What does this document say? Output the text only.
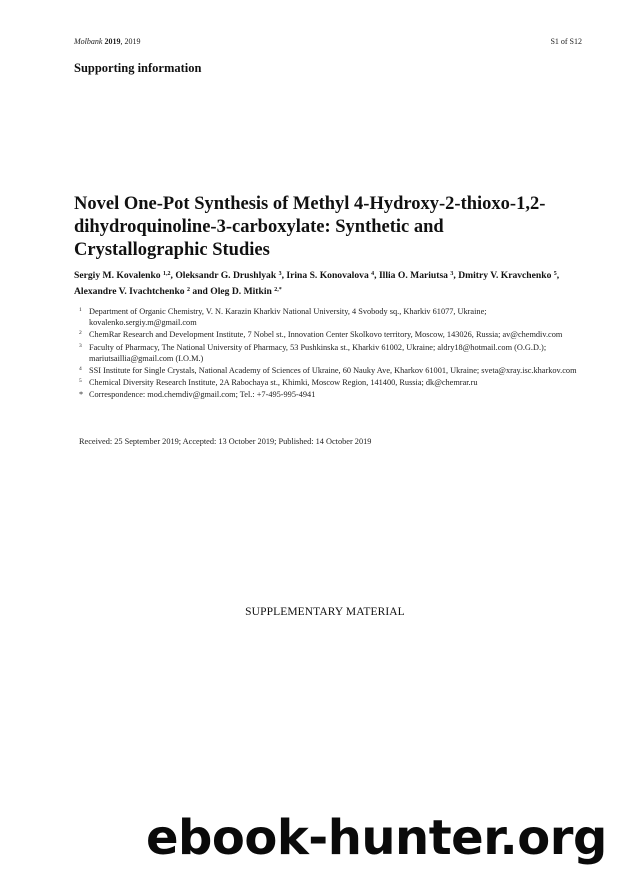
Molbank 2019, 2019	S1 of S12
Supporting information
Novel One-Pot Synthesis of Methyl 4-Hydroxy-2-thioxo-1,2-dihydroquinoline-3-carboxylate: Synthetic and Crystallographic Studies
Sergiy M. Kovalenko $^{1,2}$, Oleksandr G. Drushlyak $^3$, Irina S. Konovalova $^4$, Illia O. Mariutsa $^3$, Dmitry V. Kravchenko $^5$, Alexandre V. Ivachtchenko $^2$ and Oleg D. Mitkin $^{2,*}$
1 Department of Organic Chemistry, V. N. Karazin Kharkiv National University, 4 Svobody sq., Kharkiv 61077, Ukraine; kovalenko.sergiy.m@gmail.com
2 ChemRar Research and Development Institute, 7 Nobel st., Innovation Center Skolkovo territory, Moscow, 143026, Russia; av@chemdiv.com
3 Faculty of Pharmacy, The National University of Pharmacy, 53 Pushkinska st., Kharkiv 61002, Ukraine; aldry18@hotmail.com (O.G.D.); mariutsaillia@gmail.com (I.O.M.)
4 SSI Institute for Single Crystals, National Academy of Sciences of Ukraine, 60 Nauky Ave, Kharkov 61001, Ukraine; sveta@xray.isc.kharkov.com
5 Chemical Diversity Research Institute, 2A Rabochaya st., Khimki, Moscow Region, 141400, Russia; dk@chemrar.ru
* Correspondence: mod.chemdiv@gmail.com; Tel.: +7-495-995-4941
Received: 25 September 2019; Accepted: 13 October 2019; Published: 14 October 2019
SUPPLEMENTARY MATERIAL
ebook-hunter.org
